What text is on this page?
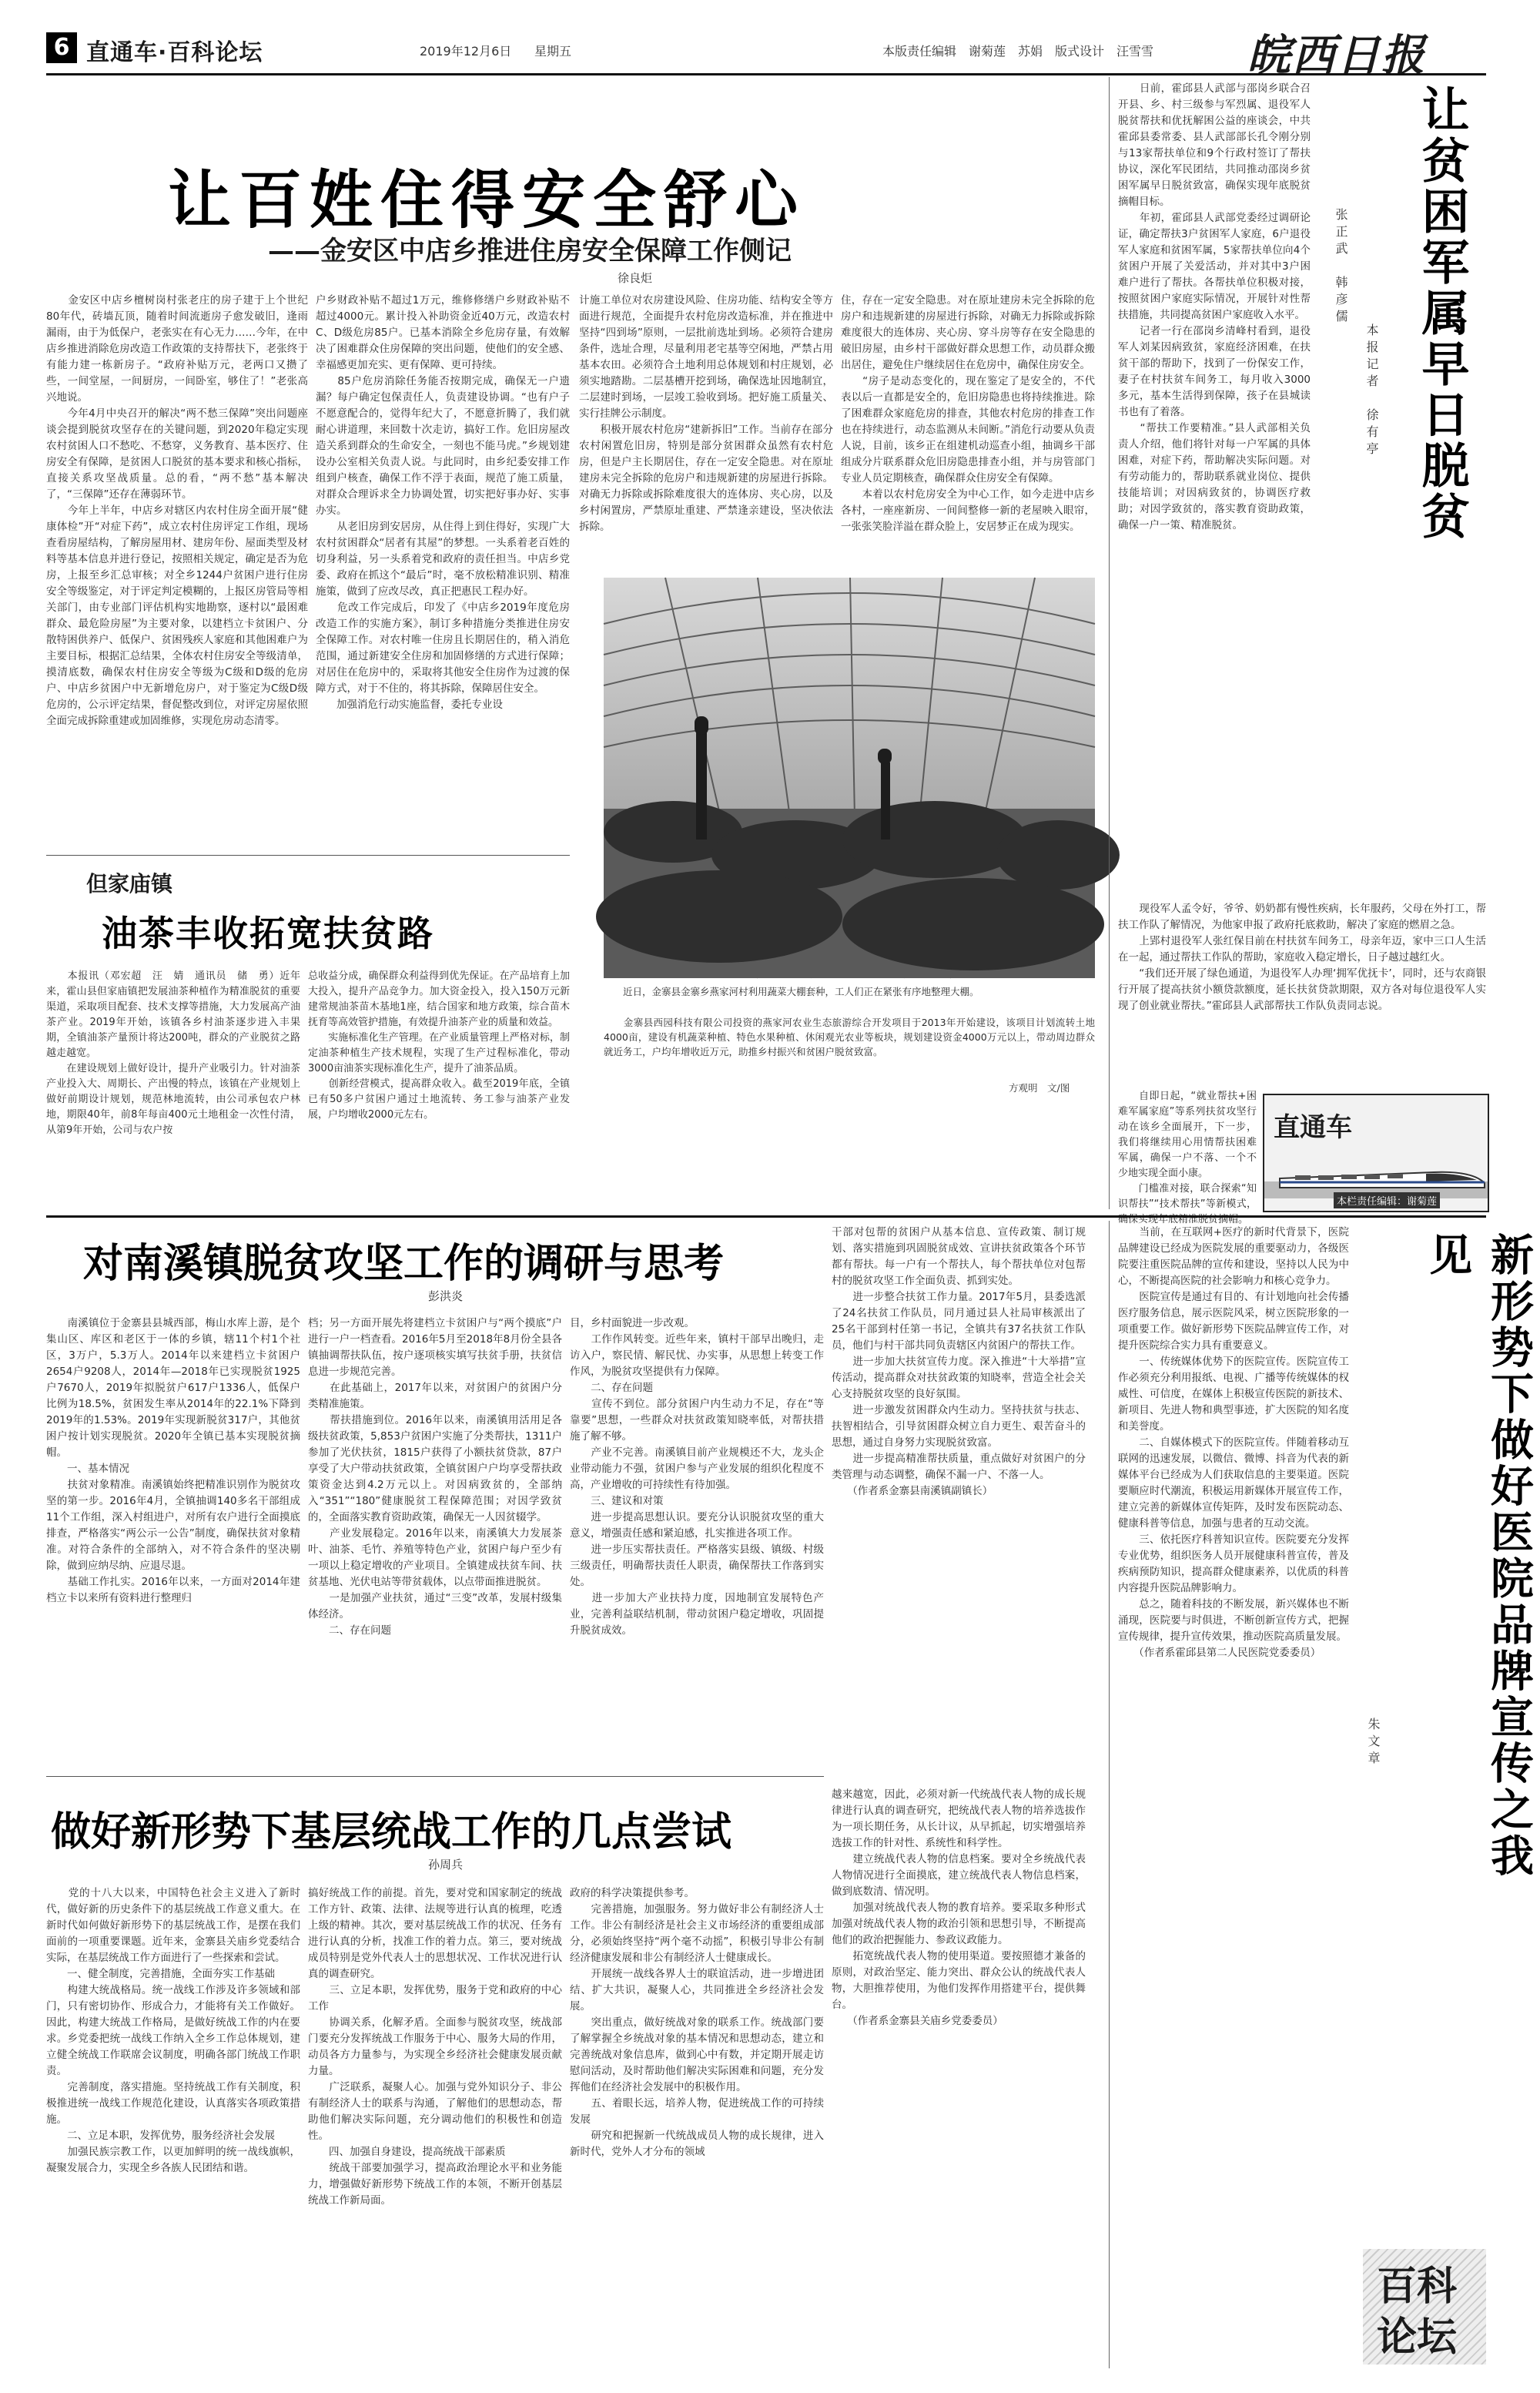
6 直通车·百科论坛	2019年12月6日 星期五	本版责任编辑　谢菊莲　苏娟　版式设计　汪雪雪 皖西日报
让百姓住得安全舒心
——金安区中店乡推进住房安全保障工作侧记
徐良炬
　　金安区中店乡檀树岗村张老庄的房子建于上个世纪80年代，砖墙瓦顶，随着时间流逝房子愈发破旧，逢雨漏雨，由于为低保户，老张实在有心无力……今年，在中店乡推进消除危房改造工作政策的支持帮扶下，老张终于有能力建一栋新房子。“政府补贴万元，老两口又攒了些，一间堂屋，一间厨房，一间卧室，够住了！”老张高兴地说。
　　今年4月中央召开的解决“两不愁三保障”突出问题座谈会提到脱贫攻坚存在的关键问题，到2020年稳定实现农村贫困人口不愁吃、不愁穿，义务教育、基本医疗、住房安全有保障，是贫困人口脱贫的基本要求和核心指标，直接关系攻坚战质量。总的看，“两不愁”基本解决了，“三保障”还存在薄弱环节。
　　今年上半年，中店乡对辖区内农村住房全面开展“健康体检”开“对症下药”，成立农村住房评定工作组，现场查看房屋结构，了解房屋用材、建房年份、屋面类型及材料等基本信息并进行登记，按照相关规定，确定是否为危房，上报至乡汇总审核；对全乡1244户贫困户进行住房安全等级鉴定，对于评定判定模糊的，上报区房管局等相关部门，由专业部门评估机构实地勘察，逐村以“最困难群众、最危险房屋”为主要对象，以建档立卡贫困户、分散特困供养户、低保户、贫困残疾人家庭和其他困难户为主要目标，根据汇总结果，全体农村住房安全等级清单，摸清底数，确保农村住房安全等级为C级和D级的危房户、中店乡贫困户中无新增危房户，对于鉴定为C级D级危房的，公示评定结果，督促整改到位，对评定房屋依照全面完成拆除重建或加固维修，实现危房动态清零。
户乡财政补贴不超过1万元，维修修缮户乡财政补贴不超过4000元。累计投入补助资金近40万元，改造农村C、D级危房85户。已基本消除全乡危房存量，有效解决了困难群众住房保障的突出问题，使他们的安全感、幸福感更加充实、更有保障、更可持续。
　　85户危房消除任务能否按期完成，确保无一户遗漏？每户确定包保责任人，负责建设协调。“也有户子不愿意配合的，觉得年纪大了，不愿意折腾了，我们就耐心讲道理，来回数十次走访，搞好工作。危旧房屋改造关系到群众的生命安全，一刻也不能马虎。”乡规划建设办公室相关负责人说。与此同时，由乡纪委安排工作组到户核查，确保工作不浮于表面，规范了施工质量，对群众合理诉求全力协调处置，切实把好事办好、实事办实。
　　从老旧房到安居房，从住得上到住得好，实现广大农村贫困群众“居者有其屋”的梦想。一头系着老百姓的切身利益，另一头系着党和政府的责任担当。中店乡党委、政府在抓这个“最后”时，毫不放松精准识别、精准施策，做到了应改尽改，真正把惠民工程办好。
　　危改工作完成后，印发了《中店乡2019年度危房改造工作的实施方案》，制订多种措施分类推进住房安全保障工作。对农村唯一住房且长期居住的，稍入消危范围，通过新建安全住房和加固修缮的方式进行保障；对居住在危房中的，采取将其他安全住房作为过渡的保障方式，对于不住的，将其拆除，保障居住安全。
　　加强消危行动实施监督，委托专业设
计施工单位对农房建设风险、住房功能、结构安全等方面进行规范，全面提升农村危房改造标准，并在推进中坚持“四到场”原则，一层批前选址到场。必须符合建房条件，选址合理，尽量利用老宅基等空闲地，严禁占用基本农田。必须符合土地利用总体规划和村庄规划，必须实地踏勘。二层基槽开挖到场，确保选址因地制宜，二层建时到场，一层竣工验收到场。把好施工质量关、实行挂牌公示制度。
　　积极开展农村危房“建新拆旧”工作。当前存在部分农村闲置危旧房，特别是部分贫困群众虽然有农村危房，但是户主长期居住，存在一定安全隐患。对在原址建房未完全拆除的危房户和违规新建的房屋进行拆除。对确无力拆除或拆除难度很大的连体房、夹心房，以及乡村闲置房，严禁原址重建、严禁逢亲建设，坚决依法拆除。
住，存在一定安全隐患。对在原址建房未完全拆除的危房户和违规新建的房屋进行拆除，对确无力拆除或拆除难度很大的连体房、夹心房、穿斗房等存在安全隐患的破旧房屋，由乡村干部做好群众思想工作，动员群众搬出居住，避免住户继续居住在危房中，确保住房安全。
　　“房子是动态变化的，现在鉴定了是安全的，不代表以后一直都是安全的，危旧房隐患也将持续推进。除了困难群众家庭危房的排查，其他农村危房的排查工作也在持续进行，动态监测从未间断。”消危行动要从负责人说，目前，该乡正在组建机动巡查小组，抽调乡干部组成分片联系群众危旧房隐患排查小组，并与房管部门专业人员定期核查，确保群众住房安全有保障。
　　本着以农村危房安全为中心工作，如今走进中店乡各村，一座座新房、一间间整修一新的老屋映入眼帘，一张张笑脸洋溢在群众脸上，安居梦正在成为现实。
但家庙镇
油茶丰收拓宽扶贫路
　　本报讯（邓宏超　汪　婧　通讯员　储　勇）近年来，霍山县但家庙镇把发展油茶种植作为精准脱贫的重要渠道，采取项目配套、技术支撑等措施，大力发展高产油茶产业。2019年开始，该镇各乡村油茶逐步进入丰果期，全镇油茶产量预计将达200吨，群众的产业脱贫之路越走越宽。
　　在建设规划上做好设计，提升产业吸引力。针对油茶产业投入大、周期长、产出慢的特点，该镇在产业规划上做好前期设计规划，规范林地流转，由公司承包农户林地，期限40年，前8年每亩400元土地租金一次性付清，从第9年开始，公司与农户按
总收益分成，确保群众利益得到优先保证。在产品培育上加大投入，提升产品竞争力。加大资金投入，投入150万元新建常规油茶苗木基地1座，结合国家和地方政策，综合苗木抚育等高效管护措施，有效提升油茶产业的质量和效益。
　　实施标准化生产管理。在产业质量管理上严格对标，制定油茶种植生产技术规程，实现了生产过程标准化，带动3000亩油茶实现标准化生产，提升了油茶品质。
　　创新经营模式，提高群众收入。截至2019年底，全镇已有50多户贫困户通过土地流转、务工参与油茶产业发展，户均增收2000元左右。
　　近日，金寨县金寨乡燕家河村利用蔬菜大棚套种，工人们正在紧张有序地整理大棚。
　　金寨县西园科技有限公司投资的燕家河农业生态旅游综合开发项目于2013年开始建设，该项目计划流转土地4000亩，建设有机蔬菜种植、特色水果种植、休闲观光农业等板块，规划建设资金4000万元以上，带动周边群众就近务工，户均年增收近万元，助推乡村振兴和贫困户脱贫致富。
方观明　文/图
　　日前，霍邱县人武部与邵岗乡联合召开县、乡、村三级参与军烈属、退役军人脱贫帮扶和优抚解困公益的座谈会，中共霍邱县委常委、县人武部部长孔令刚分别与13家帮扶单位和9个行政村签订了帮扶协议，深化军民团结，共同推动邵岗乡贫困军属早日脱贫致富，确保实现年底脱贫摘帽目标。
　　年初，霍邱县人武部党委经过调研论证，确定帮扶3户贫困军人家庭，6户退役军人家庭和贫困军属，5家帮扶单位向4个贫困户开展了关爱活动，并对其中3户困难户进行了帮扶。各帮扶单位积极对接，按照贫困户家庭实际情况，开展针对性帮扶措施，共同提高贫困户家庭收入水平。
　　记者一行在邵岗乡清峰村看到，退役军人刘某因病致贫，家庭经济困难，在扶贫干部的帮助下，找到了一份保安工作，妻子在村扶贫车间务工，每月收入3000多元，基本生活得到保障，孩子在县城读书也有了着落。
　　“帮扶工作要精准。”县人武部相关负责人介绍，他们将针对每一户军属的具体困难，对症下药，帮助解决实际问题。对有劳动能力的，帮助联系就业岗位、提供技能培训；对因病致贫的，协调医疗救助；对因学致贫的，落实教育资助政策，确保一户一策、精准脱贫。
张正武　韩彦儒
本报记者　徐有亭 让贫困军属早日脱贫
　　现役军人孟令好，爷爷、奶奶都有慢性疾病，长年服药，父母在外打工，帮扶工作队了解情况，为他家申报了政府托底救助，解决了家庭的燃眉之急。
　　上郢村退役军人张红保目前在村扶贫车间务工，母亲年迈，家中三口人生活在一起，通过帮扶工作队的帮助，家庭收入稳定增长，日子越过越红火。
　　“我们还开展了绿色通道，为退役军人办理‘拥军优抚卡’，同时，还与农商银行开展了提高扶贫小额贷款额度，延长扶贫贷款期限，双方各对每位退役军人实现了创业就业帮扶。”霍邱县人武部帮扶工作队负责同志说。
　　自即日起，“就业帮扶+困难军属家庭”等系列扶贫攻坚行动在该乡全面展开，下一步，我们将继续用心用情帮扶困难军属，确保一户不落、一个不少地实现全面小康。
　　门槛准对接，联合探索“知识帮扶”“技术帮扶”等新模式，确保实现年底精准脱贫摘帽。
直通车
本栏责任编辑：谢菊莲
对南溪镇脱贫攻坚工作的调研与思考
彭洪炎
　　南溪镇位于金寨县县城西部，梅山水库上游，是个集山区、库区和老区于一体的乡镇，辖11个村1个社区，3万户，5.3万人。2014年以来建档立卡贫困户2654户9208人，2014年—2018年已实现脱贫1925户7670人，2019年拟脱贫户617户1336人，低保户比例为18.5%，贫困发生率从2014年的22.1%下降到2019年的1.53%。2019年实现新脱贫317户，其他贫困户按计划实现脱贫。2020年全镇已基本实现脱贫摘帽。
　　一、基本情况
　　扶贫对象精准。南溪镇始终把精准识别作为脱贫攻坚的第一步。2016年4月，全镇抽调140多名干部组成11个工作组，深入村组进户，对所有农户进行全面摸底排查，严格落实“两公示一公告”制度，确保扶贫对象精准。对符合条件的全部纳入，对不符合条件的坚决剔除，做到应纳尽纳、应退尽退。
　　基础工作扎实。2016年以来，一方面对2014年建档立卡以来所有资料进行整理归
档；另一方面开展先将建档立卡贫困户与“两个摸底”户进行一户一档查看。2016年5月至2018年8月份全县各镇抽调帮扶队伍，按户逐项核实填写扶贫手册，扶贫信息进一步规范完善。
　　在此基础上，2017年以来，对贫困户的贫困户分类精准施策。
　　帮扶措施到位。2016年以来，南溪镇用活用足各级扶贫政策，5,853户贫困户实施了分类帮扶，1311户参加了光伏扶贫，1815户获得了小额扶贫贷款，87户享受了大户带动扶贫政策，全镇贫困户户均享受帮扶政策资金达到4.2万元以上。对因病致贫的，全部纳入“351”“180”健康脱贫工程保障范围；对因学致贫的，全面落实教育资助政策，确保无一人因贫辍学。
　　产业发展稳定。2016年以来，南溪镇大力发展茶叶、油茶、毛竹、养殖等特色产业，贫困户每户至少有一项以上稳定增收的产业项目。全镇建成扶贫车间、扶贫基地、光伏电站等带贫载体，以点带面推进脱贫。
　　一是加强产业扶贫，通过“三变”改革，发展村级集体经济。
　　二、存在问题
目，乡村面貌进一步改观。
　　工作作风转变。近些年来，镇村干部早出晚归，走访入户，察民情、解民忧、办实事，从思想上转变工作作风，为脱贫攻坚提供有力保障。
　　二、存在问题
　　宣传不到位。部分贫困户内生动力不足，存在“等靠要”思想，一些群众对扶贫政策知晓率低，对帮扶措施了解不够。
　　产业不完善。南溪镇目前产业规模还不大，龙头企业带动能力不强，贫困户参与产业发展的组织化程度不高，产业增收的可持续性有待加强。
　　三、建议和对策
　　进一步提高思想认识。要充分认识脱贫攻坚的重大意义，增强责任感和紧迫感，扎实推进各项工作。
　　进一步压实帮扶责任。严格落实县级、镇级、村级三级责任，明确帮扶责任人职责，确保帮扶工作落到实处。
　　进一步加大产业扶持力度，因地制宜发展特色产业，完善利益联结机制，带动贫困户稳定增收，巩固提升脱贫成效。
干部对包帮的贫困户从基本信息、宣传政策、制订规划、落实措施到巩固脱贫成效、宣讲扶贫政策各个环节都有帮扶。每一户有一个帮扶人，每个帮扶单位对包帮村的脱贫攻坚工作全面负责、抓到实处。
　　进一步整合扶贫工作力量。2017年5月，县委选派了24名扶贫工作队员，同月通过县人社局审核派出了25名干部到村任第一书记，全镇共有37名扶贫工作队员，他们与村干部共同负责辖区内贫困户的帮扶工作。
　　进一步加大扶贫宣传力度。深入推进“十大举措”宣传活动，提高群众对扶贫政策的知晓率，营造全社会关心支持脱贫攻坚的良好氛围。
　　进一步激发贫困群众内生动力。坚持扶贫与扶志、扶智相结合，引导贫困群众树立自力更生、艰苦奋斗的思想，通过自身努力实现脱贫致富。
　　进一步提高精准帮扶质量，重点做好对贫困户的分类管理与动态调整，确保不漏一户、不落一人。
　　（作者系金寨县南溪镇副镇长）
做好新形势下基层统战工作的几点尝试
孙周兵
　　党的十八大以来，中国特色社会主义进入了新时代，做好新的历史条件下的基层统战工作意义重大。在新时代如何做好新形势下的基层统战工作，是摆在我们面前的一项重要课题。近年来，金寨县关庙乡党委结合实际，在基层统战工作方面进行了一些探索和尝试。
　　一、健全制度，完善措施，全面夯实工作基础
　　构建大统战格局。统一战线工作涉及许多领域和部门，只有密切协作、形成合力，才能将有关工作做好。因此，构建大统战工作格局，是做好统战工作的内在要求。乡党委把统一战线工作纳入全乡工作总体规划，建立健全统战工作联席会议制度，明确各部门统战工作职责。
　　完善制度，落实措施。坚持统战工作有关制度，积极推进统一战线工作规范化建设，认真落实各项政策措施。
　　二、立足本职，发挥优势，服务经济社会发展
　　加强民族宗教工作，以更加鲜明的统一战线旗帜，凝聚发展合力，实现全乡各族人民团结和谐。
搞好统战工作的前提。首先，要对党和国家制定的统战工作方针、政策、法律、法规等进行认真的梳理，吃透上级的精神。其次，要对基层统战工作的状况、任务有进行认真的分析，找准工作的着力点。第三，要对统战成员特别是党外代表人士的思想状况、工作状况进行认真的调查研究。
　　三、立足本职，发挥优势，服务于党和政府的中心工作
　　协调关系，化解矛盾。全面参与脱贫攻坚，统战部门要充分发挥统战工作服务于中心、服务大局的作用，动员各方力量参与，为实现全乡经济社会健康发展贡献力量。
　　广泛联系，凝聚人心。加强与党外知识分子、非公有制经济人士的联系与沟通，了解他们的思想动态，帮助他们解决实际问题，充分调动他们的积极性和创造性。
　　四、加强自身建设，提高统战干部素质
　　统战干部要加强学习，提高政治理论水平和业务能力，增强做好新形势下统战工作的本领，不断开创基层统战工作新局面。
政府的科学决策提供参考。
　　完善措施，加强服务。努力做好非公有制经济人士工作。非公有制经济是社会主义市场经济的重要组成部分，必须始终坚持“两个毫不动摇”，积极引导非公有制经济健康发展和非公有制经济人士健康成长。
　　开展统一战线各界人士的联谊活动，进一步增进团结、扩大共识，凝聚人心，共同推进全乡经济社会发展。
　　突出重点，做好统战对象的联系工作。统战部门要了解掌握全乡统战对象的基本情况和思想动态，建立和完善统战对象信息库，做到心中有数，并定期开展走访慰问活动，及时帮助他们解决实际困难和问题，充分发挥他们在经济社会发展中的积极作用。
　　五、着眼长远，培养人物，促进统战工作的可持续发展
　　研究和把握新一代统战成员人物的成长规律，进入新时代，党外人才分布的领域
越来越宽，因此，必须对新一代统战代表人物的成长规律进行认真的调查研究，把统战代表人物的培养选拔作为一项长期任务，从长计议，从早抓起，切实增强培养选拔工作的针对性、系统性和科学性。
　　建立统战代表人物的信息档案。要对全乡统战代表人物情况进行全面摸底，建立统战代表人物信息档案，做到底数清、情况明。
　　加强对统战代表人物的教育培养。要采取多种形式加强对统战代表人物的政治引领和思想引导，不断提高他们的政治把握能力、参政议政能力。
　　拓宽统战代表人物的使用渠道。要按照德才兼备的原则，对政治坚定、能力突出、群众公认的统战代表人物，大胆推荐使用，为他们发挥作用搭建平台，提供舞台。
　　（作者系金寨县关庙乡党委委员）
　　当前，在互联网+医疗的新时代背景下，医院品牌建设已经成为医院发展的重要驱动力，各级医院要注重医院品牌的宣传和建设，坚持以人民为中心，不断提高医院的社会影响力和核心竞争力。
　　医院宣传是通过有目的、有计划地向社会传播医疗服务信息，展示医院风采，树立医院形象的一项重要工作。做好新形势下医院品牌宣传工作，对提升医院综合实力具有重要意义。
　　一、传统媒体优势下的医院宣传。医院宣传工作必须充分利用报纸、电视、广播等传统媒体的权威性、可信度，在媒体上积极宣传医院的新技术、新项目、先进人物和典型事迹，扩大医院的知名度和美誉度。
　　二、自媒体模式下的医院宣传。伴随着移动互联网的迅速发展，以微信、微博、抖音为代表的新媒体平台已经成为人们获取信息的主要渠道。医院要顺应时代潮流，积极运用新媒体开展宣传工作，建立完善的新媒体宣传矩阵，及时发布医院动态、健康科普等信息，加强与患者的互动交流。
　　三、依托医疗科普知识宣传。医院要充分发挥专业优势，组织医务人员开展健康科普宣传，普及疾病预防知识，提高群众健康素养，以优质的科普内容提升医院品牌影响力。
　　总之，随着科技的不断发展，新兴媒体也不断涌现，医院要与时俱进，不断创新宣传方式，把握宣传规律，提升宣传效果，推动医院高质量发展。
　　（作者系霍邱县第二人民医院党委委员）	新形势下做好医院品牌宣传之我见
朱文章
百科
论坛
